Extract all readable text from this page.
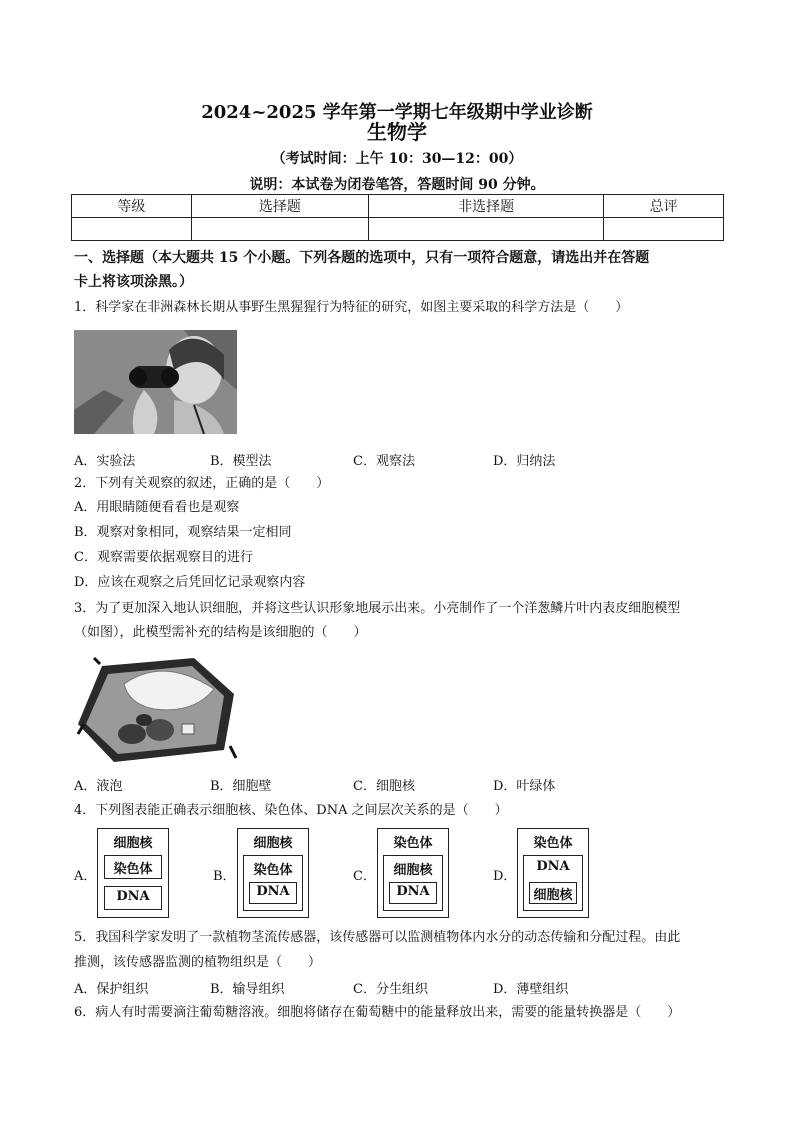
2024~2025 学年第一学期七年级期中学业诊断
生物学
（考试时间：上午 10：30—12：00）
说明：本试卷为闭卷笔答，答题时间 90 分钟。
等级	选择题	非选择题	总评

一、选择题（本大题共 15 个小题。下列各题的选项中，只有一项符合题意，请选出并在答题
卡上将该项涂黑。）
1．科学家在非洲森林长期从事野生黑猩猩行为特征的研究，如图主要采取的科学方法是（　　）
A．实验法	B．模型法	C．观察法	D．归纳法
2．下列有关观察的叙述，正确的是（　　）
A．用眼睛随便看看也是观察
B．观察对象相同，观察结果一定相同
C．观察需要依据观察目的进行
D．应该在观察之后凭回忆记录观察内容
3．为了更加深入地认识细胞，并将这些认识形象地展示出来。小亮制作了一个洋葱鳞片叶内表皮细胞模型
（如图），此模型需补充的结构是该细胞的（　　）
A．液泡	B．细胞壁	C．细胞核	D．叶绿体
4．下列图表能正确表示细胞核、染色体、DNA 之间层次关系的是（　　）
A．	B．	C．	D．
细胞核
染色体
DNA
细胞核
染色体
DNA
染色体
细胞核
DNA
染色体
DNA
细胞核
5．我国科学家发明了一款植物茎流传感器，该传感器可以监测植物体内水分的动态传输和分配过程。由此
推测，该传感器监测的植物组织是（　　）
A．保护组织	B．输导组织	C．分生组织	D．薄壁组织
6．病人有时需要滴注葡萄糖溶液。细胞将储存在葡萄糖中的能量释放出来，需要的能量转换器是（　　）
